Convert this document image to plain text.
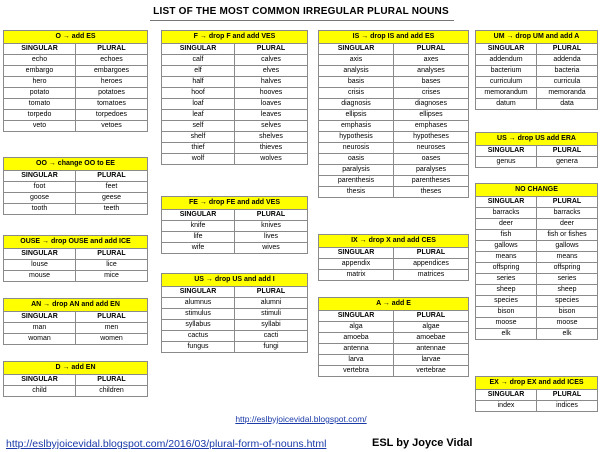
LIST OF THE MOST COMMON IRREGULAR PLURAL NOUNS
O → add ES	
SINGULAR	PLURAL
echo	echoes
embargo	embargoes
hero	heroes
potato	potatoes
tomato	tomatoes
torpedo	torpedoes
veto	vetoes
OO → change OO to EE	
SINGULAR	PLURAL
foot	feet
goose	geese
tooth	teeth
OUSE → drop OUSE and add ICE	
SINGULAR	PLURAL
louse	lice
mouse	mice
AN → drop AN and add EN	
SINGULAR	PLURAL
man	men
woman	women
D → add EN	
SINGULAR	PLURAL
child	children
F → drop F and add VES	
SINGULAR	PLURAL
calf	calves
elf	elves
half	halves
hoof	hooves
loaf	loaves
leaf	leaves
self	selves
shelf	shelves
thief	thieves
wolf	wolves
FE → drop FE and add VES	
SINGULAR	PLURAL
knife	knives
life	lives
wife	wives
US → drop US and add I	
SINGULAR	PLURAL
alumnus	alumni
stimulus	stimuli
syllabus	syllabi
cactus	cacti
fungus	fungi
IS → drop IS and add ES	
SINGULAR	PLURAL
axis	axes
analysis	analyses
basis	bases
crisis	crises
diagnosis	diagnoses
ellipsis	ellipses
emphasis	emphases
hypothesis	hypotheses
neurosis	neuroses
oasis	oases
paralysis	paralyses
parenthesis	parentheses
thesis	theses
IX → drop X and add CES	
SINGULAR	PLURAL
appendix	appendices
matrix	matrices
A → add E	
SINGULAR	PLURAL
alga	algae
amoeba	amoebae
antenna	antennae
larva	larvae
vertebra	vertebrae
UM → drop UM and add A	
SINGULAR	PLURAL
addendum	addenda
bacterium	bacteria
curriculum	curricula
memorandum	memoranda
datum	data
US → drop US add ERA	
SINGULAR	PLURAL
genus	genera
NO CHANGE	
SINGULAR	PLURAL
barracks	barracks
deer	deer
fish	fish or fishes
gallows	gallows
means	means
offspring	offspring
series	series
sheep	sheep
species	species
bison	bison
moose	moose
elk	elk
EX → drop EX and add ICES	
SINGULAR	PLURAL
index	indices
http://eslbyjoicevidal.blogspot.com/
http://eslbyjoicevidal.blogspot.com/2016/03/plural-form-of-nouns.html	ESL by Joyce Vidal
